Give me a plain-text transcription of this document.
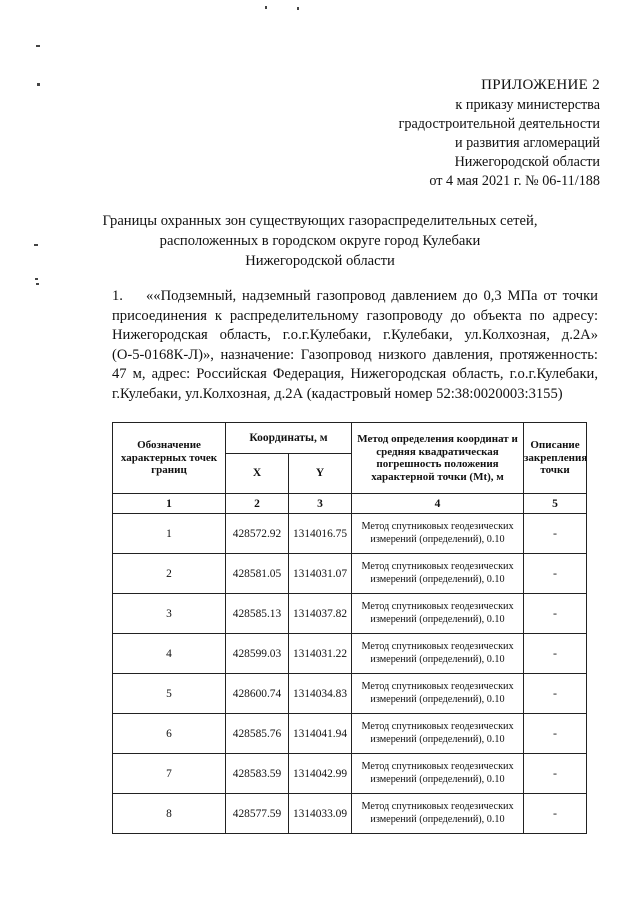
ПРИЛОЖЕНИЕ 2
к приказу министерства
градостроительной деятельности
и развития агломераций
Нижегородской области
от 4 мая 2021 г. № 06-11/188
Границы охранных зон существующих газораспределительных сетей,
расположенных в городском округе город Кулебаки
Нижегородской области
1. ««Подземный, надземный газопровод давлением до 0,3 МПа от точки
присоединения к распределительному газопроводу до объекта по адресу:
Нижегородская область, г.о.г.Кулебаки, г.Кулебаки, ул.Колхозная, д.2А»
(О-5-0168К-Л)», назначение: Газопровод низкого давления, протяженность:
47 м, адрес: Российская Федерация, Нижегородская область, г.о.г.Кулебаки,
г.Кулебаки, ул.Колхозная, д.2А (кадастровый номер 52:38:0020003:3155)
Обозначение характерных точек границ	Координаты, м		Метод определения координат и средняя квадратическая погрешность положения характерной точки (Mt), м	Описание закрепления точки
	X	Y		
1	2	3	4	5
1	428572.92	1314016.75	Метод спутниковых геодезических измерений (определений), 0.10	-
2	428581.05	1314031.07	Метод спутниковых геодезических измерений (определений), 0.10	-
3	428585.13	1314037.82	Метод спутниковых геодезических измерений (определений), 0.10	-
4	428599.03	1314031.22	Метод спутниковых геодезических измерений (определений), 0.10	-
5	428600.74	1314034.83	Метод спутниковых геодезических измерений (определений), 0.10	-
6	428585.76	1314041.94	Метод спутниковых геодезических измерений (определений), 0.10	-
7	428583.59	1314042.99	Метод спутниковых геодезических измерений (определений), 0.10	-
8	428577.59	1314033.09	Метод спутниковых геодезических измерений (определений), 0.10	-
